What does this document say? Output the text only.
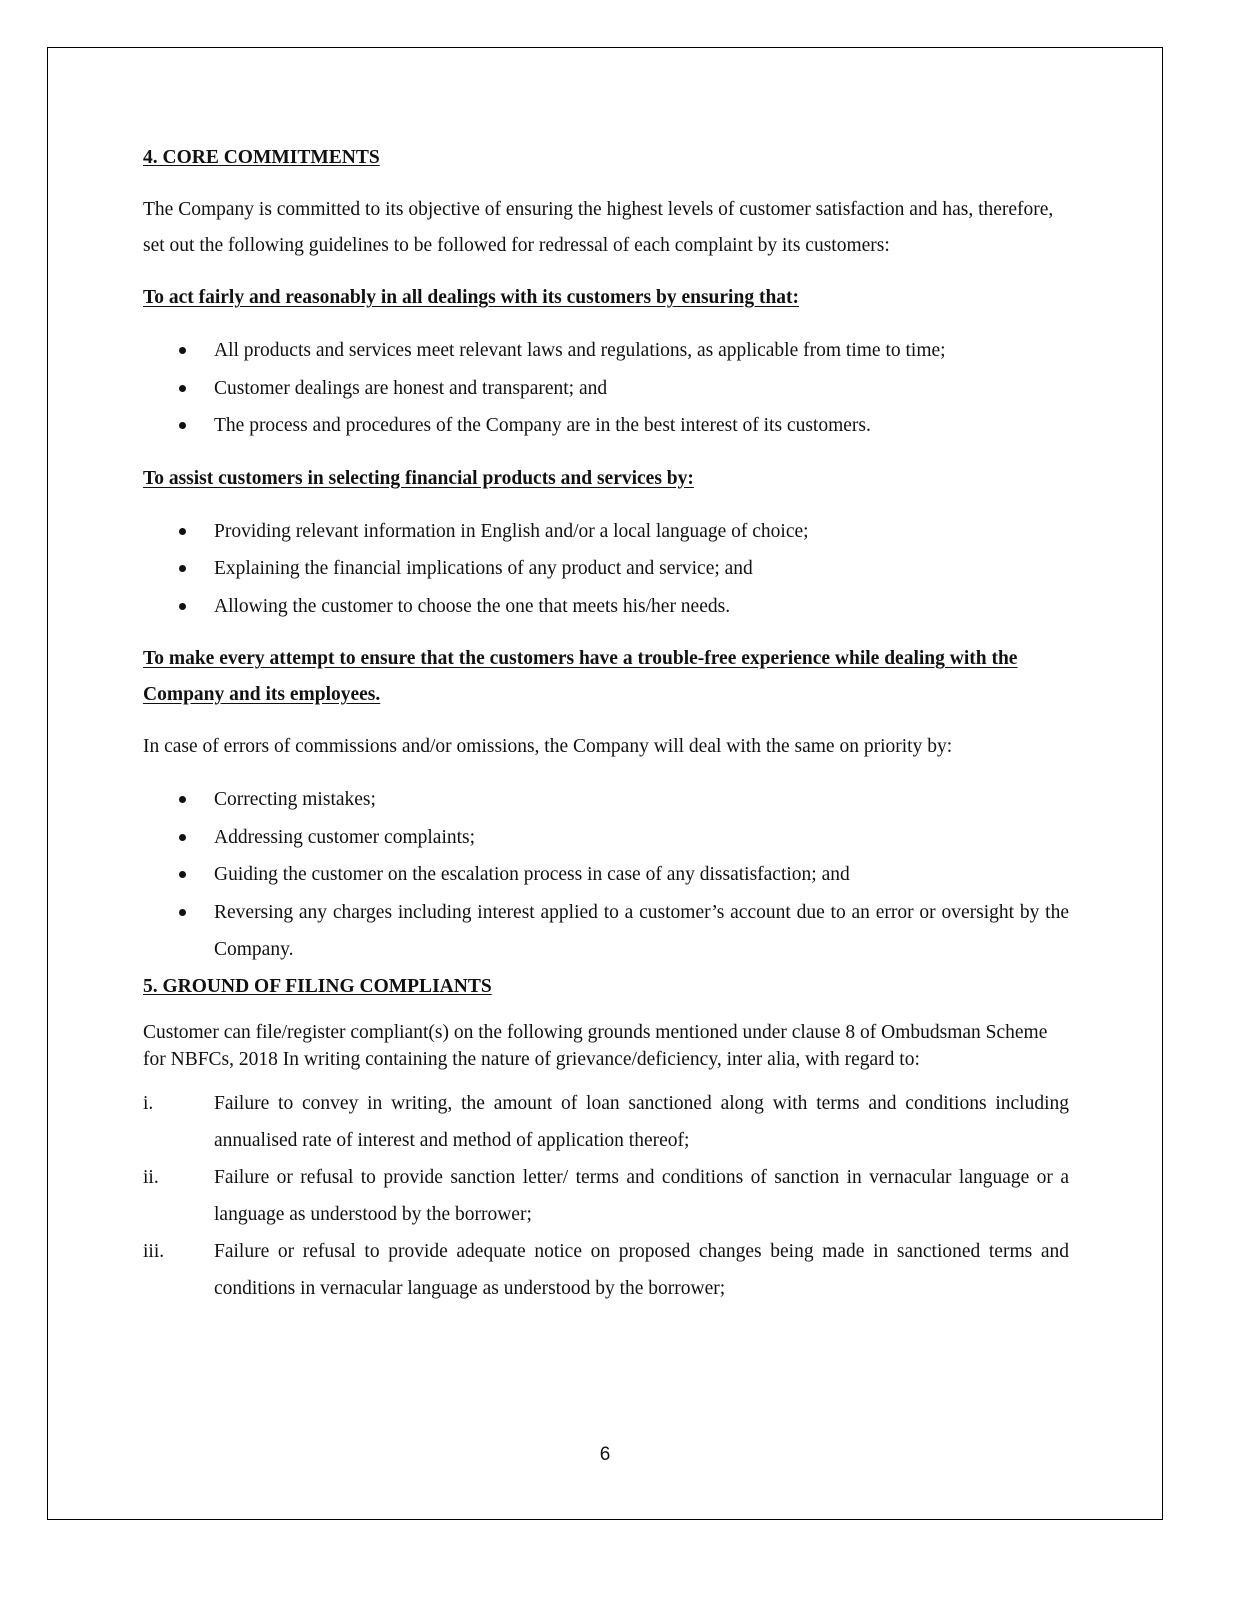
4. CORE COMMITMENTS

The Company is committed to its objective of ensuring the highest levels of customer satisfaction and has, therefore, set out the following guidelines to be followed for redressal of each complaint by its customers:

To act fairly and reasonably in all dealings with its customers by ensuring that:

All products and services meet relevant laws and regulations, as applicable from time to time;
Customer dealings are honest and transparent; and
The process and procedures of the Company are in the best interest of its customers.

To assist customers in selecting financial products and services by:

Providing relevant information in English and/or a local language of choice;
Explaining the financial implications of any product and service; and
Allowing the customer to choose the one that meets his/her needs.

To make every attempt to ensure that the customers have a trouble-free experience while dealing with the Company and its employees.

In case of errors of commissions and/or omissions, the Company will deal with the same on priority by:

Correcting mistakes;
Addressing customer complaints;
Guiding the customer on the escalation process in case of any dissatisfaction; and
Reversing any charges including interest applied to a customer’s account due to an error or oversight by the Company.
5. GROUND OF FILING COMPLIANTS

Customer can file/register compliant(s) on the following grounds mentioned under clause 8 of Ombudsman Scheme for NBFCs, 2018 In writing containing the nature of grievance/deficiency, inter alia, with regard to:

i.	Failure to convey in writing, the amount of loan sanctioned along with terms and conditions including annualised rate of interest and method of application thereof;
ii.	Failure or refusal to provide sanction letter/ terms and conditions of sanction in vernacular language or a language as understood by the borrower;
iii.	Failure or refusal to provide adequate notice on proposed changes being made in sanctioned terms and conditions in vernacular language as understood by the borrower;
6
